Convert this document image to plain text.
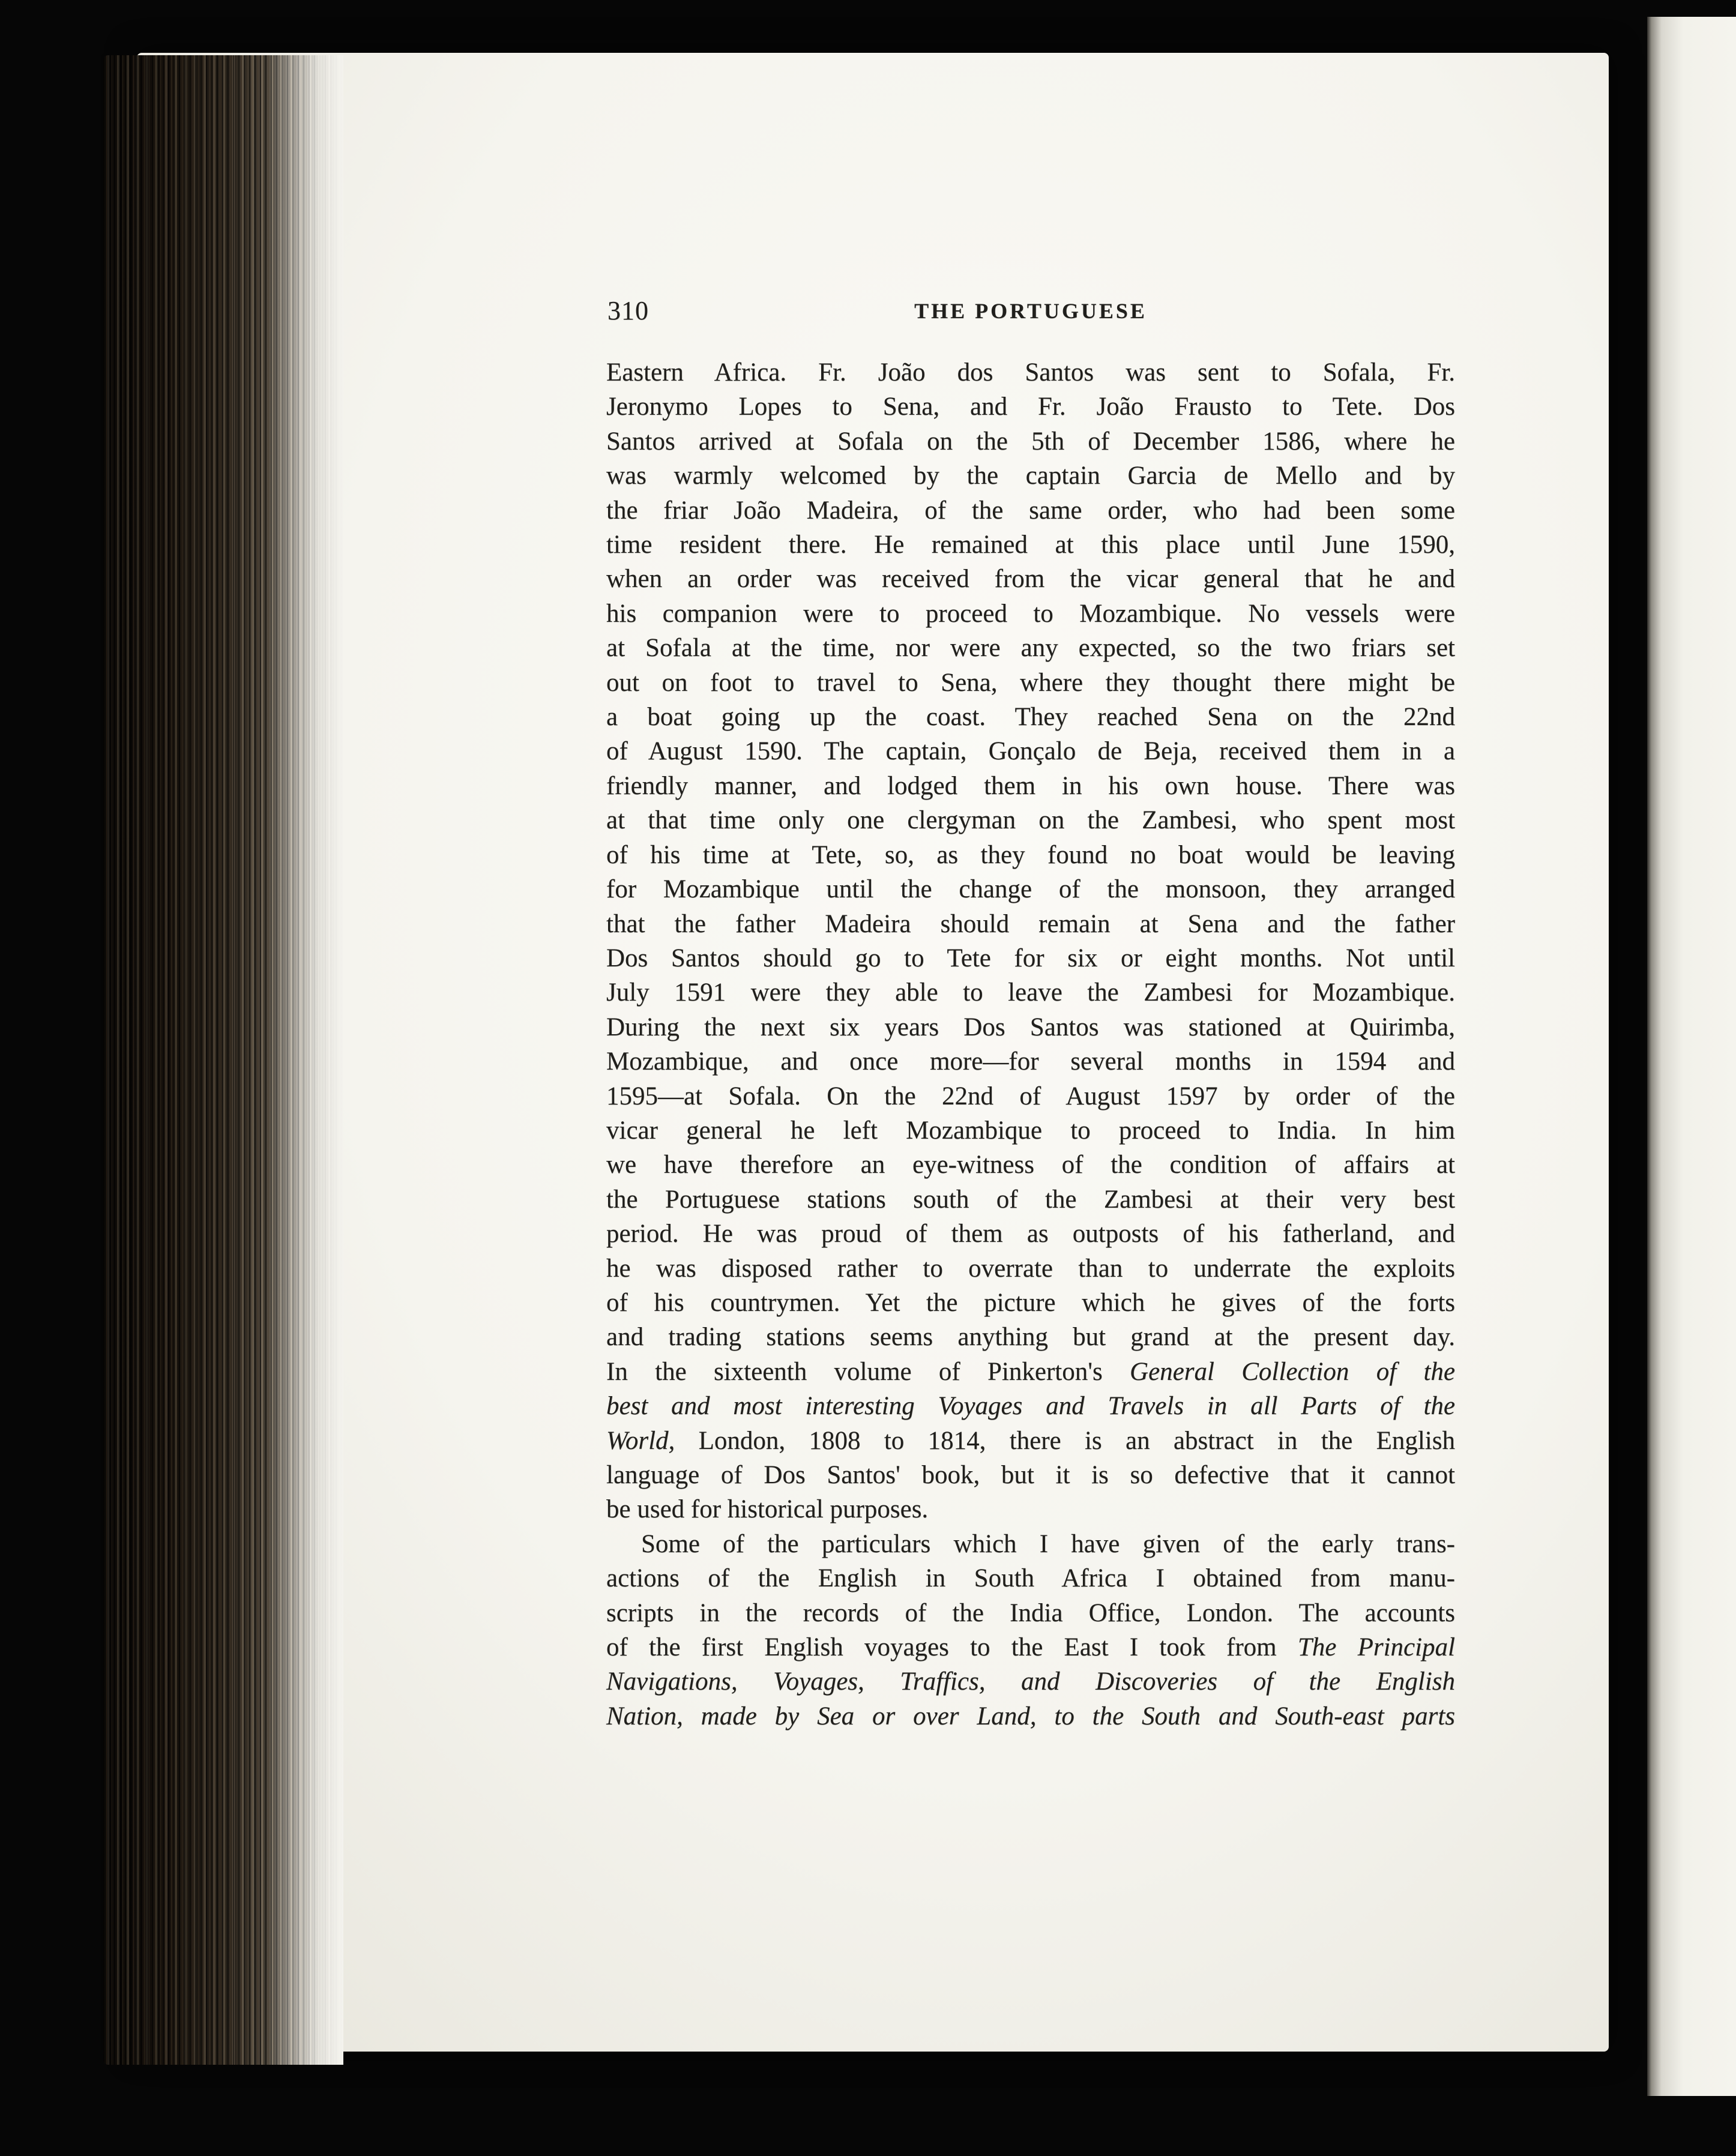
310	THE PORTUGUESE
Eastern Africa. Fr. João dos Santos was sent to Sofala, Fr.
Jeronymo Lopes to Sena, and Fr. João Frausto to Tete. Dos
Santos arrived at Sofala on the 5th of December 1586, where he
was warmly welcomed by the captain Garcia de Mello and by
the friar João Madeira, of the same order, who had been some
time resident there. He remained at this place until June 1590,
when an order was received from the vicar general that he and
his companion were to proceed to Mozambique. No vessels were
at Sofala at the time, nor were any expected, so the two friars set
out on foot to travel to Sena, where they thought there might be
a boat going up the coast. They reached Sena on the 22nd
of August 1590. The captain, Gonçalo de Beja, received them in a
friendly manner, and lodged them in his own house. There was
at that time only one clergyman on the Zambesi, who spent most
of his time at Tete, so, as they found no boat would be leaving
for Mozambique until the change of the monsoon, they arranged
that the father Madeira should remain at Sena and the father
Dos Santos should go to Tete for six or eight months. Not until
July 1591 were they able to leave the Zambesi for Mozambique.
During the next six years Dos Santos was stationed at Quirimba,
Mozambique, and once more—for several months in 1594 and
1595—at Sofala. On the 22nd of August 1597 by order of the
vicar general he left Mozambique to proceed to India. In him
we have therefore an eye-witness of the condition of affairs at
the Portuguese stations south of the Zambesi at their very best
period. He was proud of them as outposts of his fatherland, and
he was disposed rather to overrate than to underrate the exploits
of his countrymen. Yet the picture which he gives of the forts
and trading stations seems anything but grand at the present day.
In the sixteenth volume of Pinkerton's General Collection of the
best and most interesting Voyages and Travels in all Parts of the
World, London, 1808 to 1814, there is an abstract in the English
language of Dos Santos' book, but it is so defective that it cannot
be used for historical purposes.
Some of the particulars which I have given of the early trans-
actions of the English in South Africa I obtained from manu-
scripts in the records of the India Office, London. The accounts
of the first English voyages to the East I took from The Principal
Navigations, Voyages, Traffics, and Discoveries of the English
Nation, made by Sea or over Land, to the South and South-east parts
